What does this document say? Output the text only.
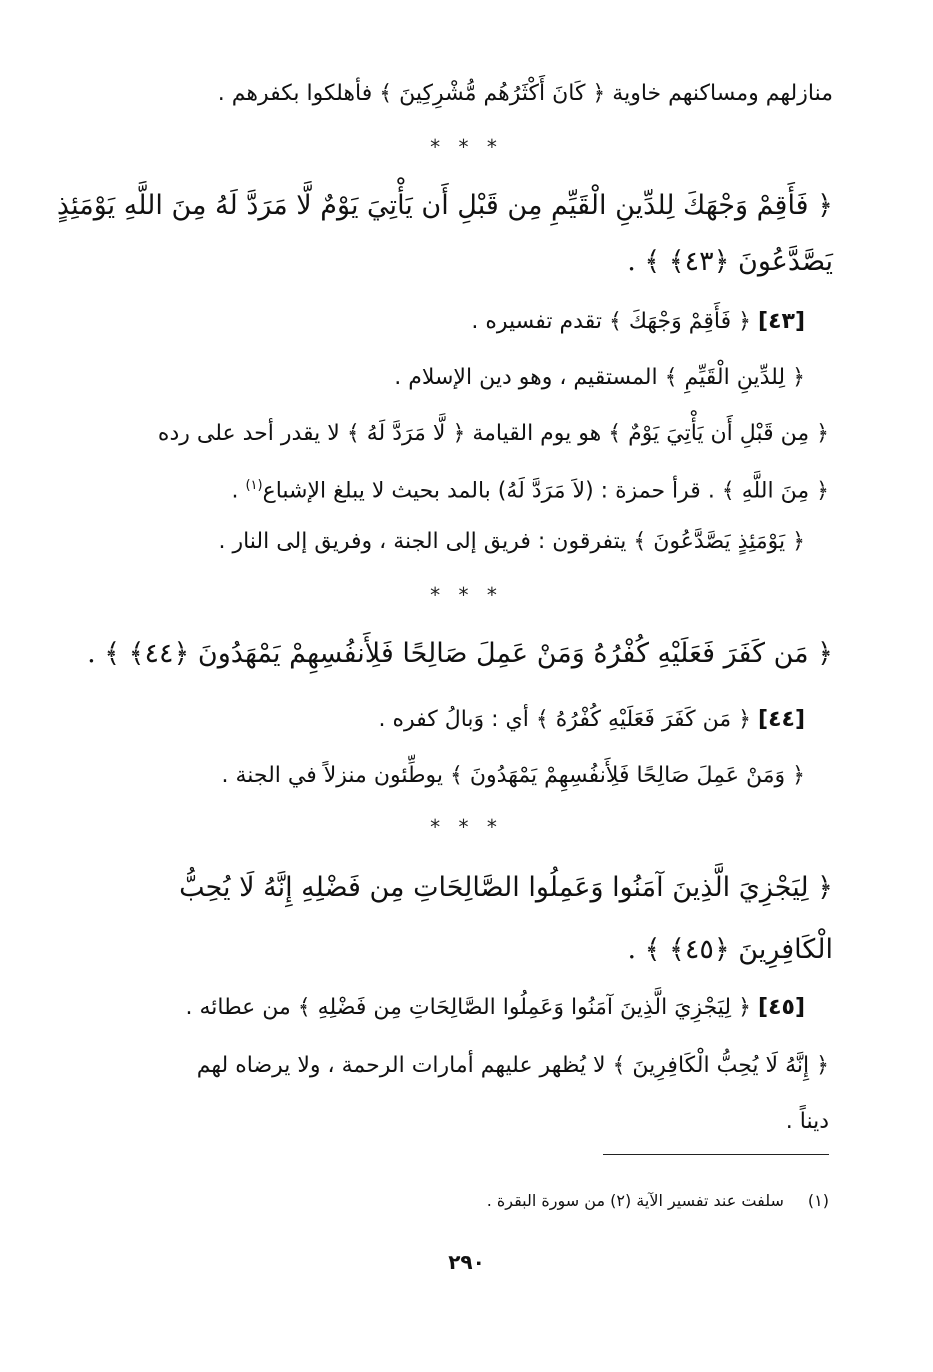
منازلهم ومساكنهم خاوية ﴿ كَانَ أَكْثَرُهُم مُّشْرِكِينَ ﴾ فأهلكوا بكفرهم .
* * *
﴿ فَأَقِمْ وَجْهَكَ لِلدِّينِ الْقَيِّمِ مِن قَبْلِ أَن يَأْتِيَ يَوْمٌ لَّا مَرَدَّ لَهُ مِنَ اللَّهِ يَوْمَئِذٍ
يَصَّدَّعُونَ ﴿٤٣﴾ ﴾ .
[٤٣] ﴿ فَأَقِمْ وَجْهَكَ ﴾ تقدم تفسيره .
﴿ لِلدِّينِ الْقَيِّمِ ﴾ المستقيم ، وهو دين الإسلام .
﴿ مِن قَبْلِ أَن يَأْتِيَ يَوْمٌ ﴾ هو يوم القيامة ﴿ لَّا مَرَدَّ لَهُ ﴾ لا يقدر أحد على رده
﴿ مِنَ اللَّهِ ﴾ . قرأ حمزة : (لاَ مَرَدَّ لَهُ) بالمد بحيث لا يبلغ الإشباع$^{(١)}$ .
﴿ يَوْمَئِذٍ يَصَّدَّعُونَ ﴾ يتفرقون : فريق إلى الجنة ، وفريق إلى النار .
* * *
﴿ مَن كَفَرَ فَعَلَيْهِ كُفْرُهُ وَمَنْ عَمِلَ صَالِحًا فَلِأَنفُسِهِمْ يَمْهَدُونَ ﴿٤٤﴾ ﴾ .
[٤٤] ﴿ مَن كَفَرَ فَعَلَيْهِ كُفْرُهُ ﴾ أي : وَبالُ كفره .
﴿ وَمَنْ عَمِلَ صَالِحًا فَلِأَنفُسِهِمْ يَمْهَدُونَ ﴾ يوطِّئون منزلاً في الجنة .
* * *
﴿ لِيَجْزِيَ الَّذِينَ آمَنُوا وَعَمِلُوا الصَّالِحَاتِ مِن فَضْلِهِ إِنَّهُ لَا يُحِبُّ
الْكَافِرِينَ ﴿٤٥﴾ ﴾ .
[٤٥] ﴿ لِيَجْزِيَ الَّذِينَ آمَنُوا وَعَمِلُوا الصَّالِحَاتِ مِن فَضْلِهِ ﴾ من عطائه .
﴿ إِنَّهُ لَا يُحِبُّ الْكَافِرِينَ ﴾ لا يُظهر عليهم أمارات الرحمة ، ولا يرضاه لهم
ديناً .
(١)سلفت عند تفسير الآية (٢) من سورة البقرة .
٢٩٠
